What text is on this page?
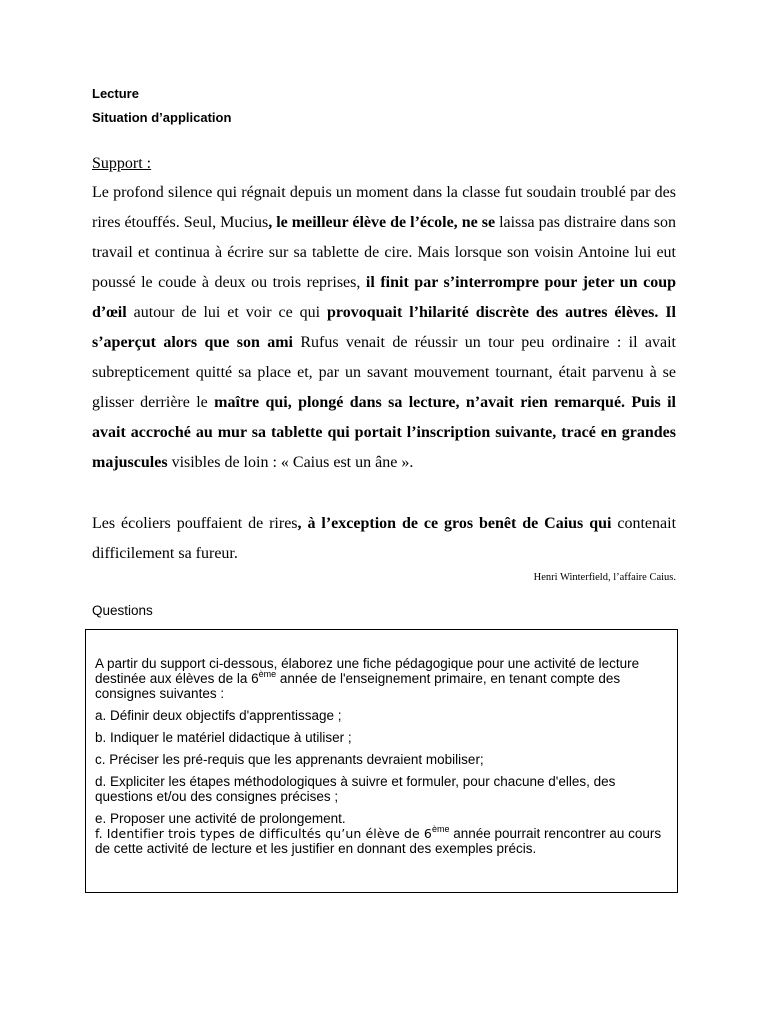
Lecture
Situation d’application
Support :
Le profond silence qui régnait depuis un moment dans la classe fut soudain troublé par des rires étouffés. Seul, Mucius, le meilleur élève de l’école, ne se laissa pas distraire dans son travail et continua à écrire sur sa tablette de cire. Mais lorsque son voisin Antoine lui eut poussé le coude à deux ou trois reprises, il finit par s’interrompre pour jeter un coup d’œil autour de lui et voir ce qui provoquait l’hilarité discrète des autres élèves. Il s’aperçut alors que son ami Rufus venait de réussir un tour peu ordinaire : il avait subrepticement quitté sa place et, par un savant mouvement tournant, était parvenu à se glisser derrière le maître qui, plongé dans sa lecture, n’avait rien remarqué. Puis il avait accroché au mur sa tablette qui portait l’inscription suivante, tracé en grandes majuscules visibles de loin : « Caius est un âne ».
Les écoliers pouffaient de rires, à l’exception de ce gros benêt de Caius qui contenait difficilement sa fureur.
Henri Winterfield, l’affaire Caius.
Questions

A partir du support ci-dessous, élaborez une fiche pédagogique pour une activité de lecture destinée aux élèves de la 6ème année de l'enseignement primaire, en tenant compte des consignes suivantes :

a. Définir deux objectifs d'apprentissage ;

b. Indiquer le matériel didactique à utiliser ;

c. Préciser les pré-requis que les apprenants devraient mobiliser;

d. Expliciter les étapes méthodologiques à suivre et formuler, pour chacune d'elles, des questions et/ou des consignes précises ;

e. Proposer une activité de prolongement.

f. Identifier trois types de difficultés qu’un élève de 6ème année pourrait rencontrer au cours de cette activité de lecture et les justifier en donnant des exemples précis.
